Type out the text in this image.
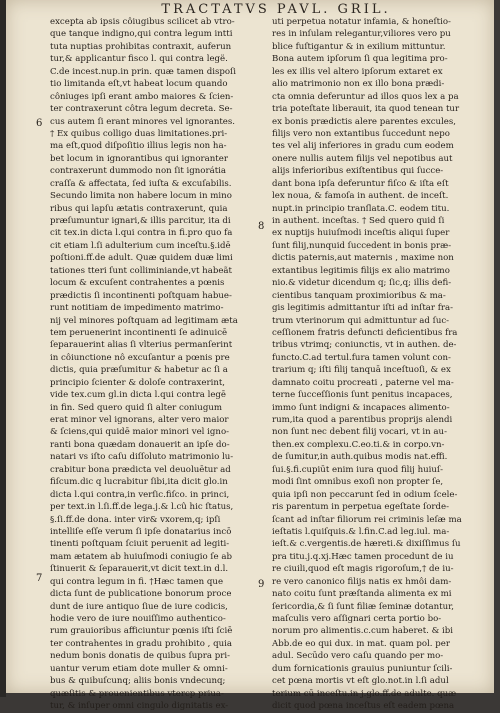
TRACTATVS PAVL. GRIL.
6
7
8
9
excepta ab ipsis côiugibus scilicet ab vtro-
que tanque indigno,qui contra legum intti
tuta nuptias prohibitas contraxit, auferun
tur,& applicantur fisco l. qui contra legë.
C.de incest.nup.in prin. quæ tamen dispoſi
tio limitanda eſt,vt habeat locum quando
côniuges ipſi erant ambo maiores & ſcien-
ter contraxerunt côtra legum decreta. Se-
cus autem ſi erant minores vel ignorantes.
† Ex quibus colligo duas limitationes.pri-
ma eſt,quod diſpoſitio illius legis non ha-
bet locum in ignorantibus qui ignoranter
contraxerunt dummodo non ſit ignorátia
craſſa & affectata, ſed iuſta & excuſabilis.
Secundo limita non habere locum in mino
ribus qui lapſu ætatis contraxerunt, quia
præſumuntur ignari,& illis parcitur, ita di
cit tex.in dicta l.qui contra in fi.pro quo fa
cit etiam l.ſi adulterium cum inceſtu.§.idē
poſtioni.ff.de adult. Quæ quidem duæ limi
tationes tteri ſunt colliminiande,vt habeãt
locum & excuſent contrahentes a pœnis
prædictis ſi incontinenti poſtquam habue-
runt notitiam de impedimento matrimo-
nij vel minores poſtquam ad legitimam æta
tem peruenerint incontinenti ſe adinuicē
ſeparauerint alias ſi vlterius permanſerint
in côiunctione nô excuſantur a pœnis pre
dictis, quia præſumitur & habetur ac ſi a
principio ſcienter & doloſe contraxerint,
vide tex.cum gl.in dicta l.qui contra legē
in fin. Sed quero quid ſi alter coniugum
erat minor vel ignorans, alter vero maior
& ſciens,qui quidē maior minori vel igno-
ranti bona quædam donauerit an ipſe do-
natari vs iſto caſu diſſoluto matrimonio lu-
crabitur bona prædicta vel deuoluētur ad
fiſcum.dic q lucrabitur ſibi,ita dicit glo.in
dicta l.qui contra,in verſic.fiſco. in princi,
per text.in l.ſi.ff.de lega.j.& l.cû hic ſtatus,
§.ſi.ff.de dona. inter vir& vxorem,q; ipſi
intelliſe eſſe verum ſi ipſe donatarius incō
tinenti poſtquam ſciuit peruenit ad legiti-
mam ætatem ab huiuſmodi coniugio ſe ab
ſtinuerit & ſeparauerit,vt dicit text.in d.l.
qui contra legum in fi. †Hæc tamen que
dicta ſunt de publicatione bonorum proce
dunt de iure antiquo ſiue de iure codicis,
hodie vero de iure nouiſſimo authentico-
rum grauioribus afficiuntur pœnis iſti ſciē
ter contrahentes in gradu prohibito , quia
nedum bonis donatis de quibus ſupra pri-
uantur verum etiam dote muller & omni-
bus & quibuſcunq; aliis bonis vndecunq;
quæſitis & prouenientibus vtercp priua-
tur, & inſuper omni cingulo dignitatis ex-
uti perpetua notatur infamia, & honeſtio-
res in inſulam relegantur,viliores vero pu
blice fuſtigantur & in exilium mittuntur.
Bona autem ipſorum ſi qua legitima pro-
les ex illis vel altero ipſorum extaret ex
alio matrimonio non ex illo bona prædi-
cta omnia deferuntur ad illos quos lex a pa
tria poteſtate liberauit, ita quod tenean tur
ex bonis prædictis alere parentes excules,
filijs vero non extantibus ſuccedunt nepo
tes vel alij inferiores in gradu cum eodem
onere nullis autem filijs vel nepotibus aut
alijs inferioribus exiſtentibus qui ſucce-
dant bona ipſa deferuntur fiſco & iſta eſt
lex noua, & famoſa in authent. de inceſt.
nupt.in principio tranſlata.C. eodem titu.
in authent. inceſtas. † Sed quero quid ſi
ex nuptijs huiuſmodi inceſtis aliqui ſuper
ſunt filij,nunquid ſuccedent in bonis præ-
dictis paternis,aut maternis , maxime non
extantibus legitimis filijs ex alio matrimo
nio.& videtur dicendum q; ſic,q; illis defi-
cientibus tanquam proximioribus & ma-
gis legitimis admittantur iſti ad inſtar fra-
trum vterinorum qui admittuntur ad ſuc-
ceſſionem fratris defuncti deficientibus fra
tribus vtrimq; coniunctis, vt in authen. de-
functo.C.ad tertul.fura tamen volunt con-
trarium q; iſti filij tanquā inceſtuoſi, & ex
damnato coitu procreati , paterne vel ma-
terne ſucceſſionis ſunt penitus incapaces,
immo ſunt indigni & incapaces alimento-
rum,ita quod a parentibus proprijs alendi
non ſunt nec debent filij vocari, vt in au-
then.ex complexu.C.eo.ti.& in corpo.vn-
de ſumitur,in auth.quibus modis nat.effi.
ſui.§.fi.cupiūt enim iura quod filij huiuſ-
modi ſint omnibus exoſi non propter ſe,
quia ipſi non peccarunt ſed in odium ſcele-
ris parentum in perpetua egeſtate ſorde-
ſcant ad inſtar filiorum rei criminis leſæ ma
ieſtatis l.quiſquis.& l.fin.C.ad leg.iul. ma-
ieſt.& c.vergentis.de hæreti.& dixiſſimus ſu
pra titu.j.q.xj.Hæc tamen procedunt de iu
re ciuili,quod eſt magis rigoroſum,† de iu-
re vero canonico filijs natis ex hmôi dam-
nato coitu ſunt præſtanda alimenta ex mi
ſericordia,& ſi ſunt filiæ ſeminæ dotantur,
maſculis vero aſſignari certa portio bo-
norum pro alimentis.c.cum haberet. & ibi
Abb.de eo qui dux. in mat. quam pol. per
adul. Secūdo vero caſu quando per mo-
dum fornicationis grauius puniuntur ſcili-
cet pœna mortis vt eſt glo.not.in l.ſi adul
terium cū inceſtu.in j.glo.ff.de adulte. quæ
dicit quod pœna inceſtus eſt eadem pœna
